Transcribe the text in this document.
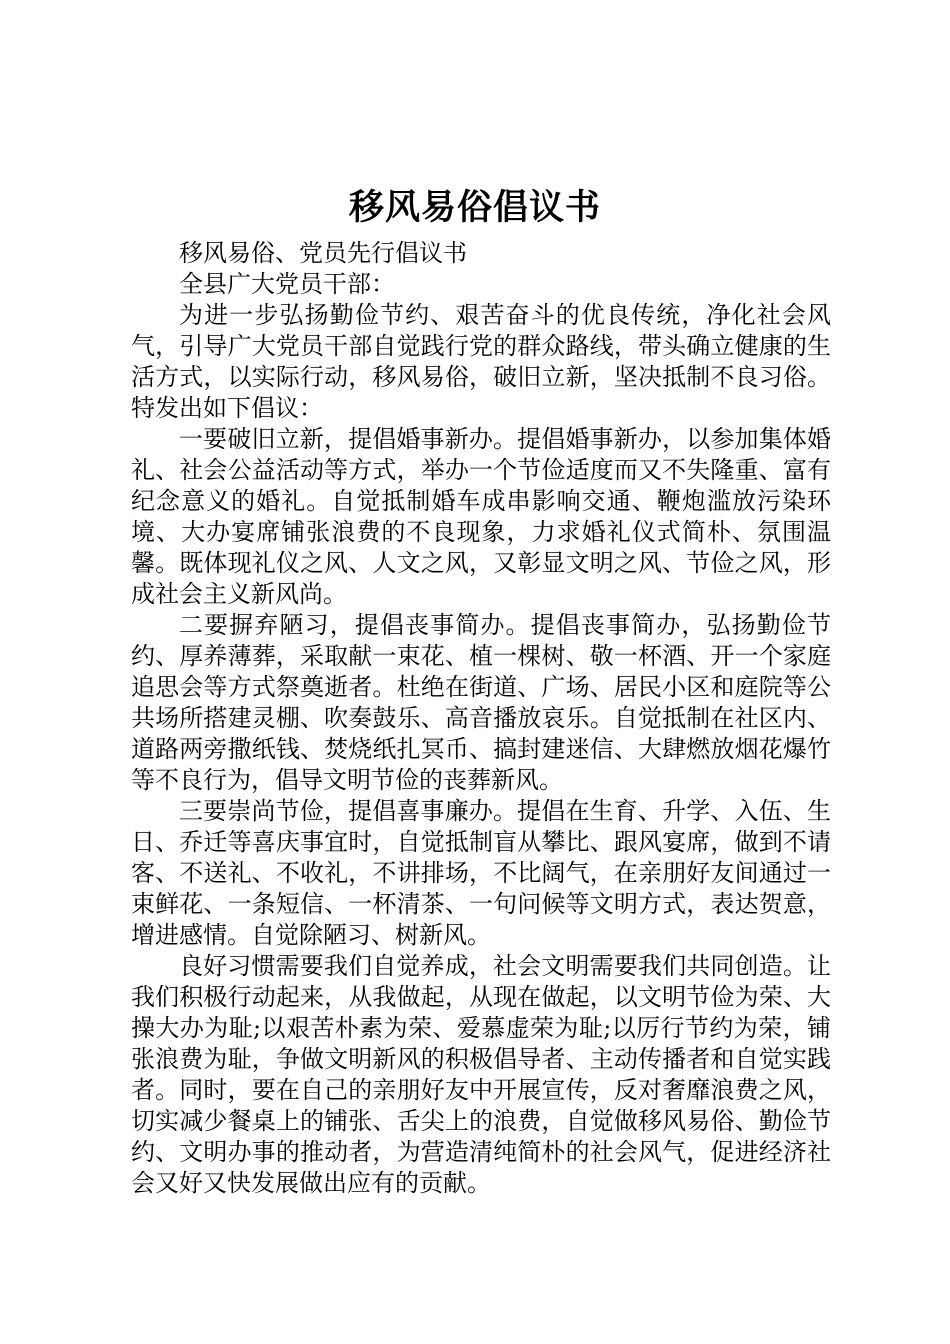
移风易俗倡议书

移风易俗、党员先行倡议书

全县广大党员干部：

为进一步弘扬勤俭节约、艰苦奋斗的优良传统，净化社会风气，引导广大党员干部自觉践行党的群众路线，带头确立健康的生活方式，以实际行动，移风易俗，破旧立新，坚决抵制不良习俗。特发出如下倡议：

一要破旧立新，提倡婚事新办。提倡婚事新办，以参加集体婚礼、社会公益活动等方式，举办一个节俭适度而又不失隆重、富有纪念意义的婚礼。自觉抵制婚车成串影响交通、鞭炮滥放污染环境、大办宴席铺张浪费的不良现象，力求婚礼仪式简朴、氛围温馨。既体现礼仪之风、人文之风，又彰显文明之风、节俭之风，形成社会主义新风尚。

二要摒弃陋习，提倡丧事简办。提倡丧事简办，弘扬勤俭节约、厚养薄葬，采取献一束花、植一棵树、敬一杯酒、开一个家庭追思会等方式祭奠逝者。杜绝在街道、广场、居民小区和庭院等公共场所搭建灵棚、吹奏鼓乐、高音播放哀乐。自觉抵制在社区内、道路两旁撒纸钱、焚烧纸扎冥币、搞封建迷信、大肆燃放烟花爆竹等不良行为，倡导文明节俭的丧葬新风。

三要崇尚节俭，提倡喜事廉办。提倡在生育、升学、入伍、生日、乔迁等喜庆事宜时，自觉抵制盲从攀比、跟风宴席，做到不请客、不送礼、不收礼，不讲排场，不比阔气，在亲朋好友间通过一束鲜花、一条短信、一杯清茶、一句问候等文明方式，表达贺意，增进感情。自觉除陋习、树新风。

良好习惯需要我们自觉养成，社会文明需要我们共同创造。让我们积极行动起来，从我做起，从现在做起，以文明节俭为荣、大操大办为耻;以艰苦朴素为荣、爱慕虚荣为耻;以厉行节约为荣，铺张浪费为耻，争做文明新风的积极倡导者、主动传播者和自觉实践者。同时，要在自己的亲朋好友中开展宣传，反对奢靡浪费之风，切实减少餐桌上的铺张、舌尖上的浪费，自觉做移风易俗、勤俭节约、文明办事的推动者，为营造清纯简朴的社会风气，促进经济社会又好又快发展做出应有的贡献。
